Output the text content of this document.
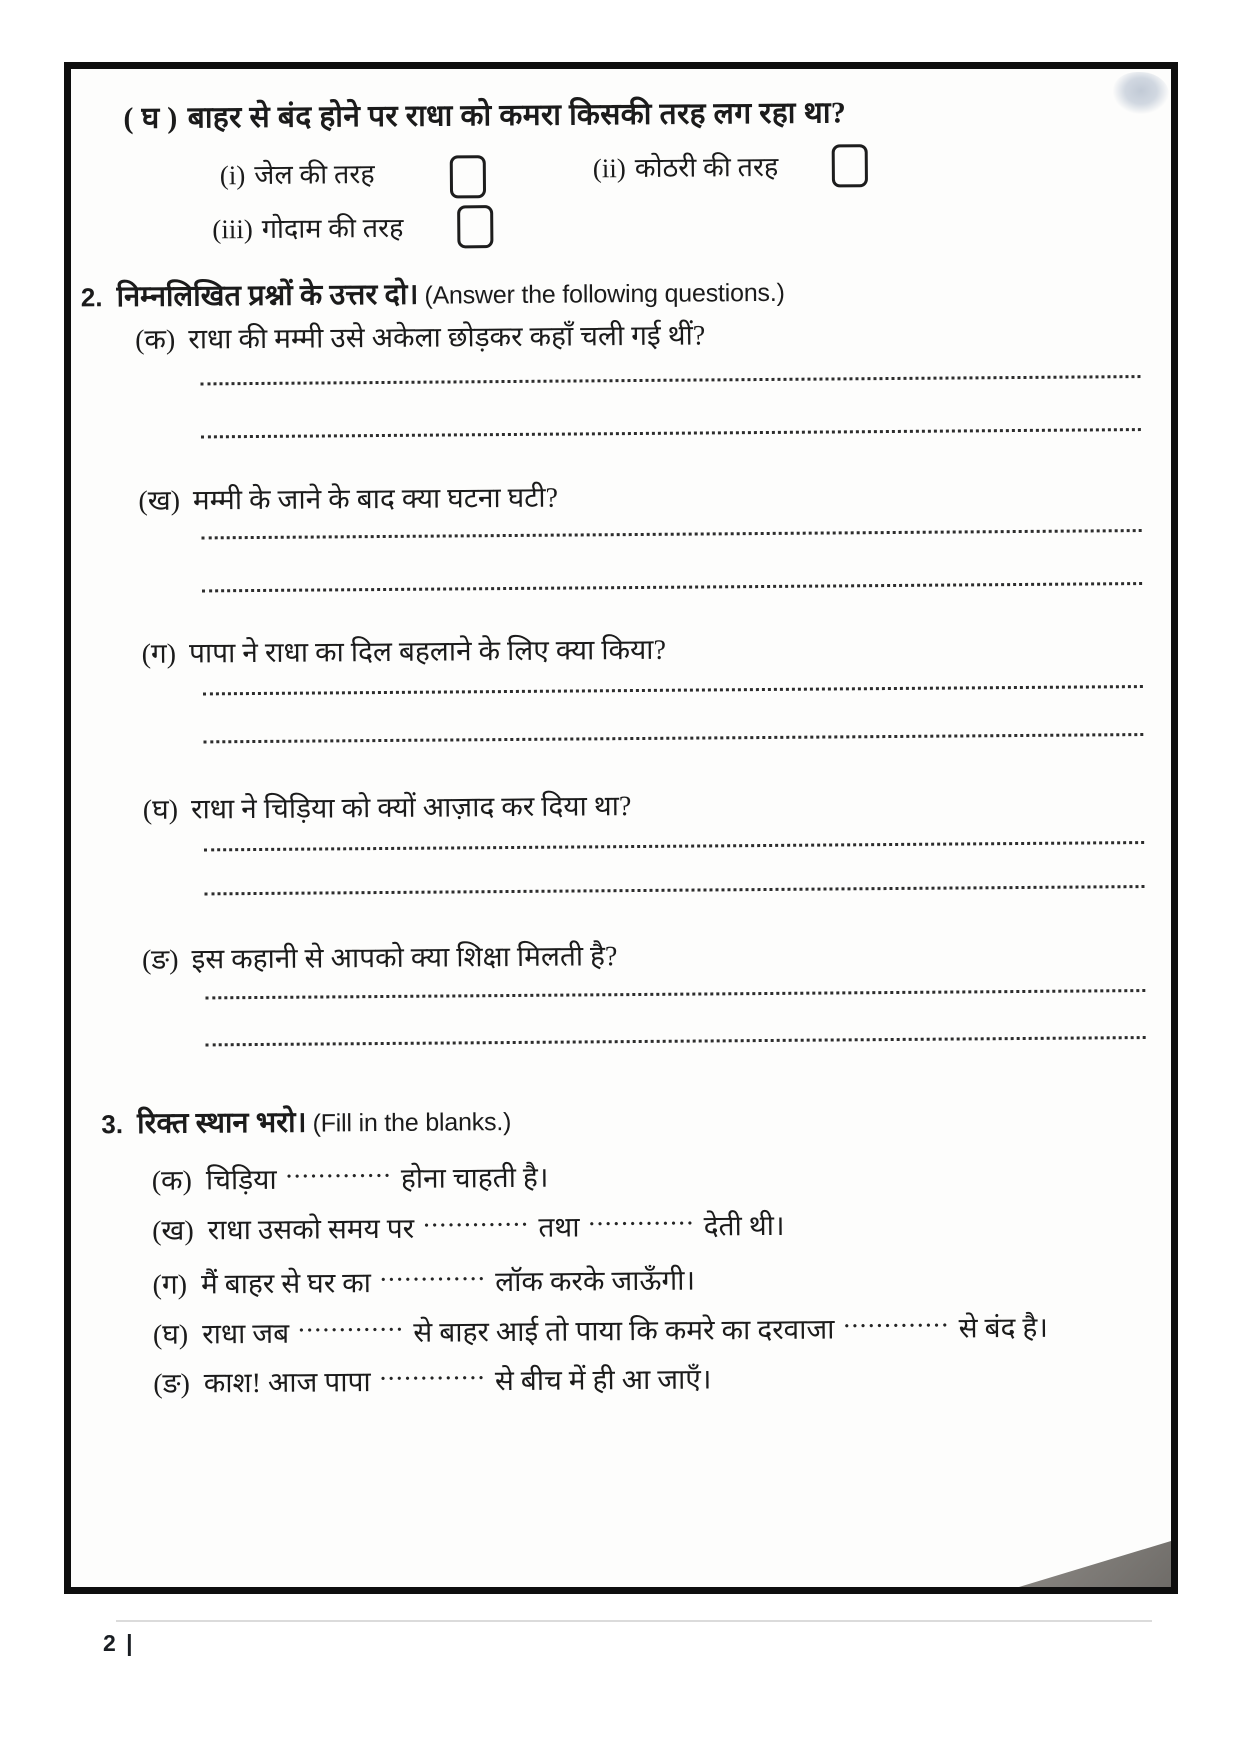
( घ ) बाहर से बंद होने पर राधा को कमरा किसकी तरह लग रहा था?
(i) जेल की तरह	(ii) कोठरी की तरह
(iii) गोदाम की तरह
2. निम्नलिखित प्रश्नों के उत्तर दो। (Answer the following questions.)
(क) राधा की मम्मी उसे अकेला छोड़कर कहाँ चली गई थीं?
(ख) मम्मी के जाने के बाद क्या घटना घटी?
(ग) पापा ने राधा का दिल बहलाने के लिए क्या किया?
(घ) राधा ने चिड़िया को क्यों आज़ाद कर दिया था?
(ङ) इस कहानी से आपको क्या शिक्षा मिलती है?
3. रिक्त स्थान भरो। (Fill in the blanks.)
(क) चिड़िया ············· होना चाहती है।
(ख) राधा उसको समय पर ············· तथा ············· देती थी।
(ग) मैं बाहर से घर का ············· लॉक करके जाऊँगी।
(घ) राधा जब ············· से बाहर आई तो पाया कि कमरे का दरवाजा ············· से बंद है।
(ङ) काश! आज पापा ············· से बीच में ही आ जाएँ।
2 |
